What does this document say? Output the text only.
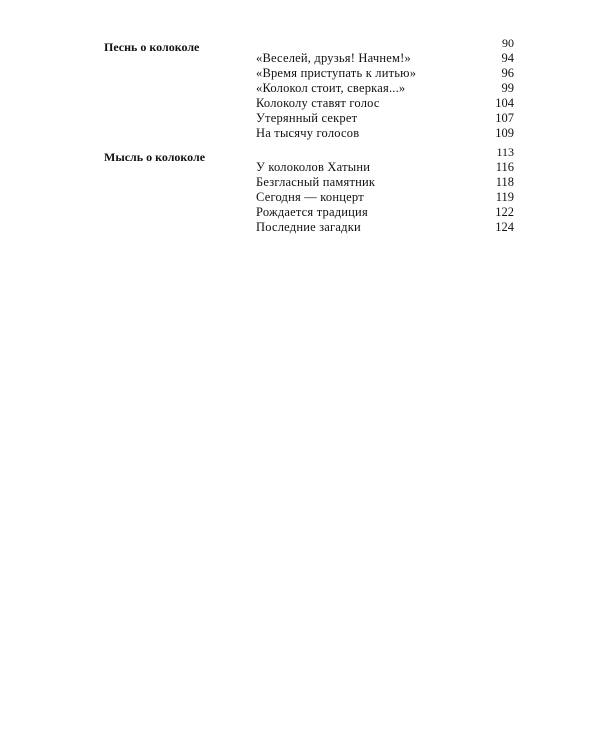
Песнь о колоколе	90
«Веселей, друзья! Начнем!»	94
«Время приступать к литью»	96
«Колокол стоит, сверкая...»	99
Колоколу ставят голос	104
Утерянный секрет	107
На тысячу голосов	109
Мысль о колоколе	113
У колоколов Хатыни	116
Безгласный памятник	118
Сегодня — концерт	119
Рождается традиция	122
Последние загадки	124
